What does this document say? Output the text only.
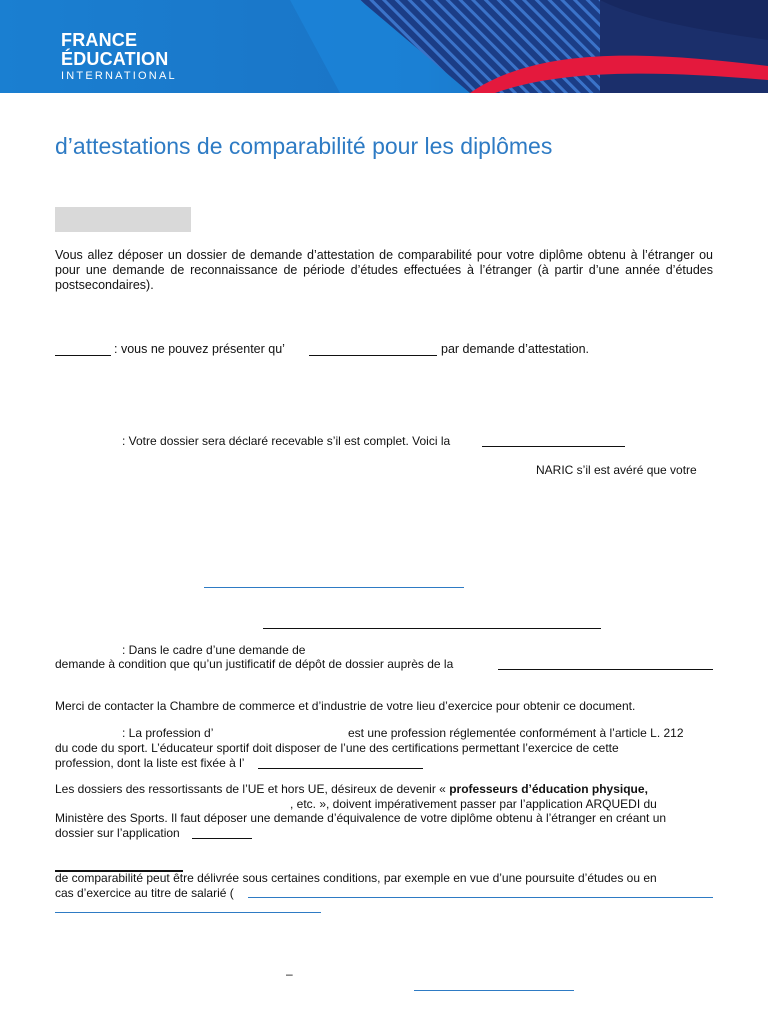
FRANCE
ÉDUCATION
INTERNATIONAL
d’attestations de comparabilité pour les diplômes
Vous allez déposer un dossier de demande d’attestation de comparabilité pour votre diplôme obtenu à l’étranger ou pour une demande de reconnaissance de période d’études effectuées à l’étranger (à partir d’une année d’études postsecondaires).
: vous ne pouvez présenter qu’	par demande d’attestation.
: Votre dossier sera déclaré recevable s’il est complet. Voici la
NARIC s’il est avéré que votre
: Dans le cadre d’une demande de
demande à condition que qu’un justificatif de dépôt de dossier auprès de la
Merci de contacter la Chambre de commerce et d’industrie de votre lieu d’exercice pour obtenir ce document.
: La profession d’	est une profession réglementée conformément à l’article L. 212
du code du sport. L’éducateur sportif doit disposer de l’une des certifications permettant l’exercice de cette
profession, dont la liste est fixée à l’
Les dossiers des ressortissants de l’UE et hors UE, désireux de devenir « professeurs d’éducation physique,
, etc. », doivent impérativement passer par l’application ARQUEDI du
Ministère des Sports. Il faut déposer une demande d’équivalence de votre diplôme obtenu à l’étranger en créant un
dossier sur l’application
de comparabilité peut être délivrée sous certaines conditions, par exemple en vue d’une poursuite d’études ou en
cas d’exercice au titre de salarié (
–
